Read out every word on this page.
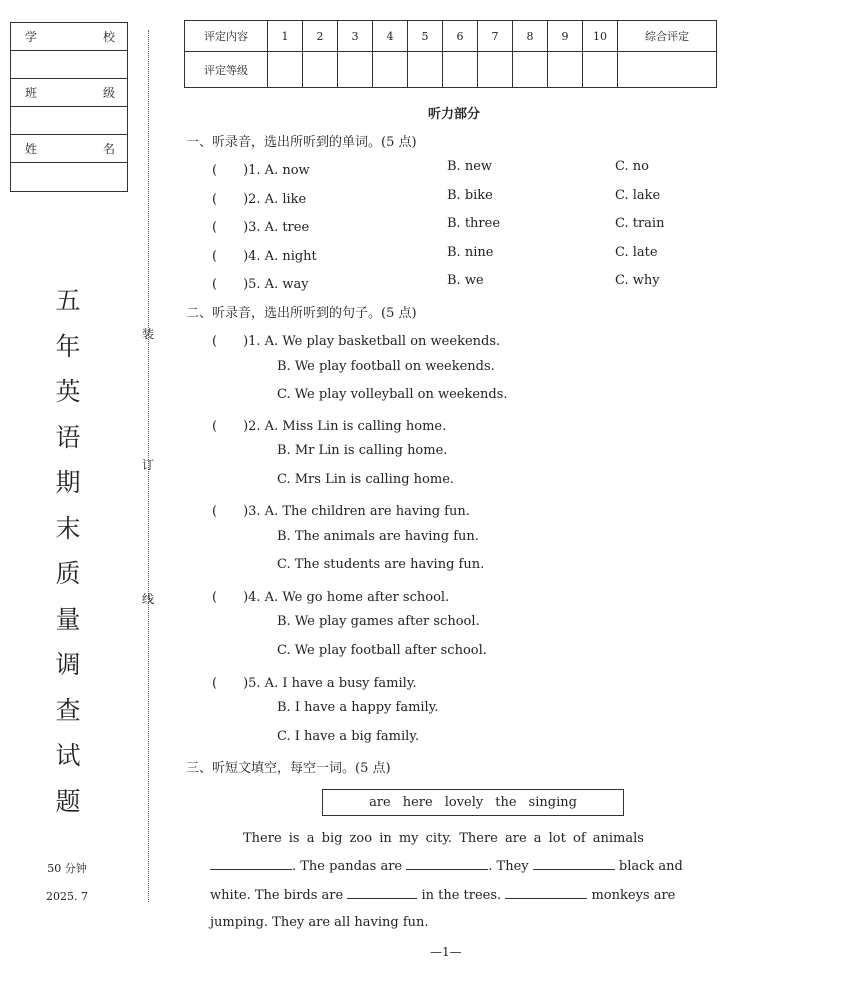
学	校
班	级
姓	名
五
年
英
语
期
末
质
量
调
查
试
题
50 分钟
2025. 7
装
订
线
评定内容	1	2	3	4	5	6	7	8	9	10	综合评定
评定等级											
听力部分
一、听录音，选出所听到的单词。(5 点)
(　　)1. A. now	B. new	C. no
(　　)2. A. like	B. bike	C. lake
(　　)3. A. tree	B. three	C. train
(　　)4. A. night	B. nine	C. late
(　　)5. A. way	B. we	C. why
二、听录音，选出所听到的句子。(5 点)
(　　)1. A. We play basketball on weekends.
B. We play football on weekends.
C. We play volleyball on weekends.
(　　)2. A. Miss Lin is calling home.
B. Mr Lin is calling home.
C. Mrs Lin is calling home.
(　　)3. A. The children are having fun.
B. The animals are having fun.
C. The students are having fun.
(　　)4. A. We go home after school.
B. We play games after school.
C. We play football after school.
(　　)5. A. I have a busy family.
B. I have a happy family.
C. I have a big family.
三、听短文填空，每空一词。(5 点)
are here lovely the singing
There is a big zoo in my city. There are a lot of animals
. The pandas are	. They	black and
white. The birds are	in the trees.	monkeys are
jumping. They are all having fun.
—1—
